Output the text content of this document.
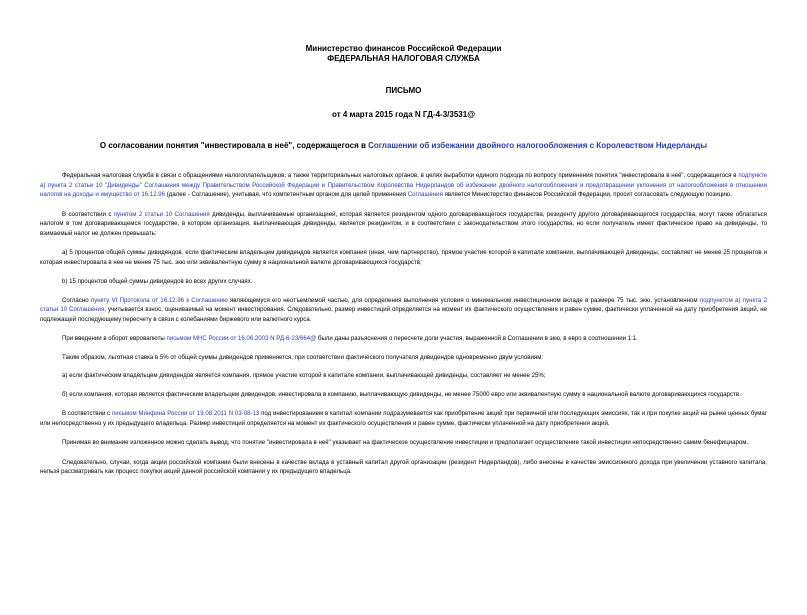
Министерство финансов Российской Федерации
ФЕДЕРАЛЬНАЯ НАЛОГОВАЯ СЛУЖБА
ПИСЬМО
от 4 марта 2015 года N ГД-4-3/3531@
О согласовании понятия "инвестировала в неё", содержащегося в Соглашении об избежании двойного налогообложения с Королевством Нидерланды

Федеральная налоговая служба в связи с обращениями налогоплательщиков, а также территориальных налоговых органов, в целях выработки единого подхода по вопросу применения понятия "инвестировала в неё", содержащегося в подпункте а) пункта 2 статьи 10 "Дивиденды" Соглашения между Правительством Российской Федерации и Правительством Королевства Нидерландов об избежании двойного налогообложения и предотвращении уклонения от налогообложения в отношении налогов на доходы и имущество от 16.12.96 (далее - Соглашение), учитывая, что компетентным органом для целей применения Соглашения является Министерство финансов Российской Федерации, просит согласовать следующую позицию.

В соответствии с пунктом 2 статьи 10 Соглашения дивиденды, выплачиваемые организацией, которая является резидентом одного договаривающегося государства, резиденту другого договаривающегося государства, могут также облагаться налогом в том договаривающемся государстве, в котором организация, выплачивающая дивиденды, является резидентом, и в соответствии с законодательством этого государства, но если получатель имеет фактическое право на дивиденды, то взимаемый налог не должен превышать:

а) 5 процентов общей суммы дивидендов, если фактическим владельцем дивидендов является компания (иная, чем партнерство), прямое участие которой в капитале компании, выплачивающей дивиденды, составляет не менее 25 процентов и которая инвестировала в нее не менее 75 тыс. экю или эквивалентную сумму в национальной валюте договаривающихся государств;

b) 15 процентов общей суммы дивидендов во всех других случаях.

Согласно пункту VI Протокола от 16.12.96 к Соглашению являющемуся его неотъемлемой частью, для определения выполнения условия о минимальном инвестиционном вкладе в размере 75 тыс. экю, установленном подпунктом а) пункта 2 статьи 10 Соглашения, учитывается взнос, оцениваемый на момент инвестирования. Следовательно, размер инвестиций определяется на момент их фактического осуществления и равен сумме, фактически уплаченной на дату приобретения акций, не подлежащей последующему пересчету в связи с колебаниями биржевого или валютного курса.

При введении в оборот евровалюты письмом МНС России от 16.06.2003 N РД-6-23/664@ были даны разъяснения о пересчете доли участия, выраженной в Соглашении в экю, в евро в соотношении 1:1.

Таким образом, льготная ставка в 5% от общей суммы дивидендов применяется, при соответствии фактического получателя дивидендов одновременно двум условиям:

а) если фактическим владельцем дивидендов является компания, прямое участие которой в капитале компании, выплачивающей дивиденды, составляет не менее 25%;

б) если компания, которая является фактическим владельцем дивидендов, инвестировала в компанию, выплачивающую дивиденды, не менее 75000 евро или эквивалентную сумму в национальной валюте договаривающихся государств.

В соответствии с письмом Минфина России от 19.08.2011 N 03-08-13 под инвестированием в капитал компании подразумевается как приобретение акций при первичной или последующих эмиссиях, так и при покупке акций на рынке ценных бумаг или непосредственно у их предыдущего владельца. Размер инвестиций определяется на момент их фактического осуществления и равен сумме, фактически уплаченной на дату приобретения акций.

Принимая во внимание изложенное можно сделать вывод, что понятие "инвестировала в неё" указывает на фактическое осуществление инвестиции и предполагает осуществление такой инвестиции непосредственно самим бенефициаром.

Следовательно, случаи, когда акции российской компании были внесены в качестве вклада в уставный капитал другой организации (резидент Нидерландов), либо внесены в качестве эмиссионного дохода при увеличении уставного капитала, нельзя рассматривать как процесс покупки акций данной российской компании у их предыдущего владельца.
